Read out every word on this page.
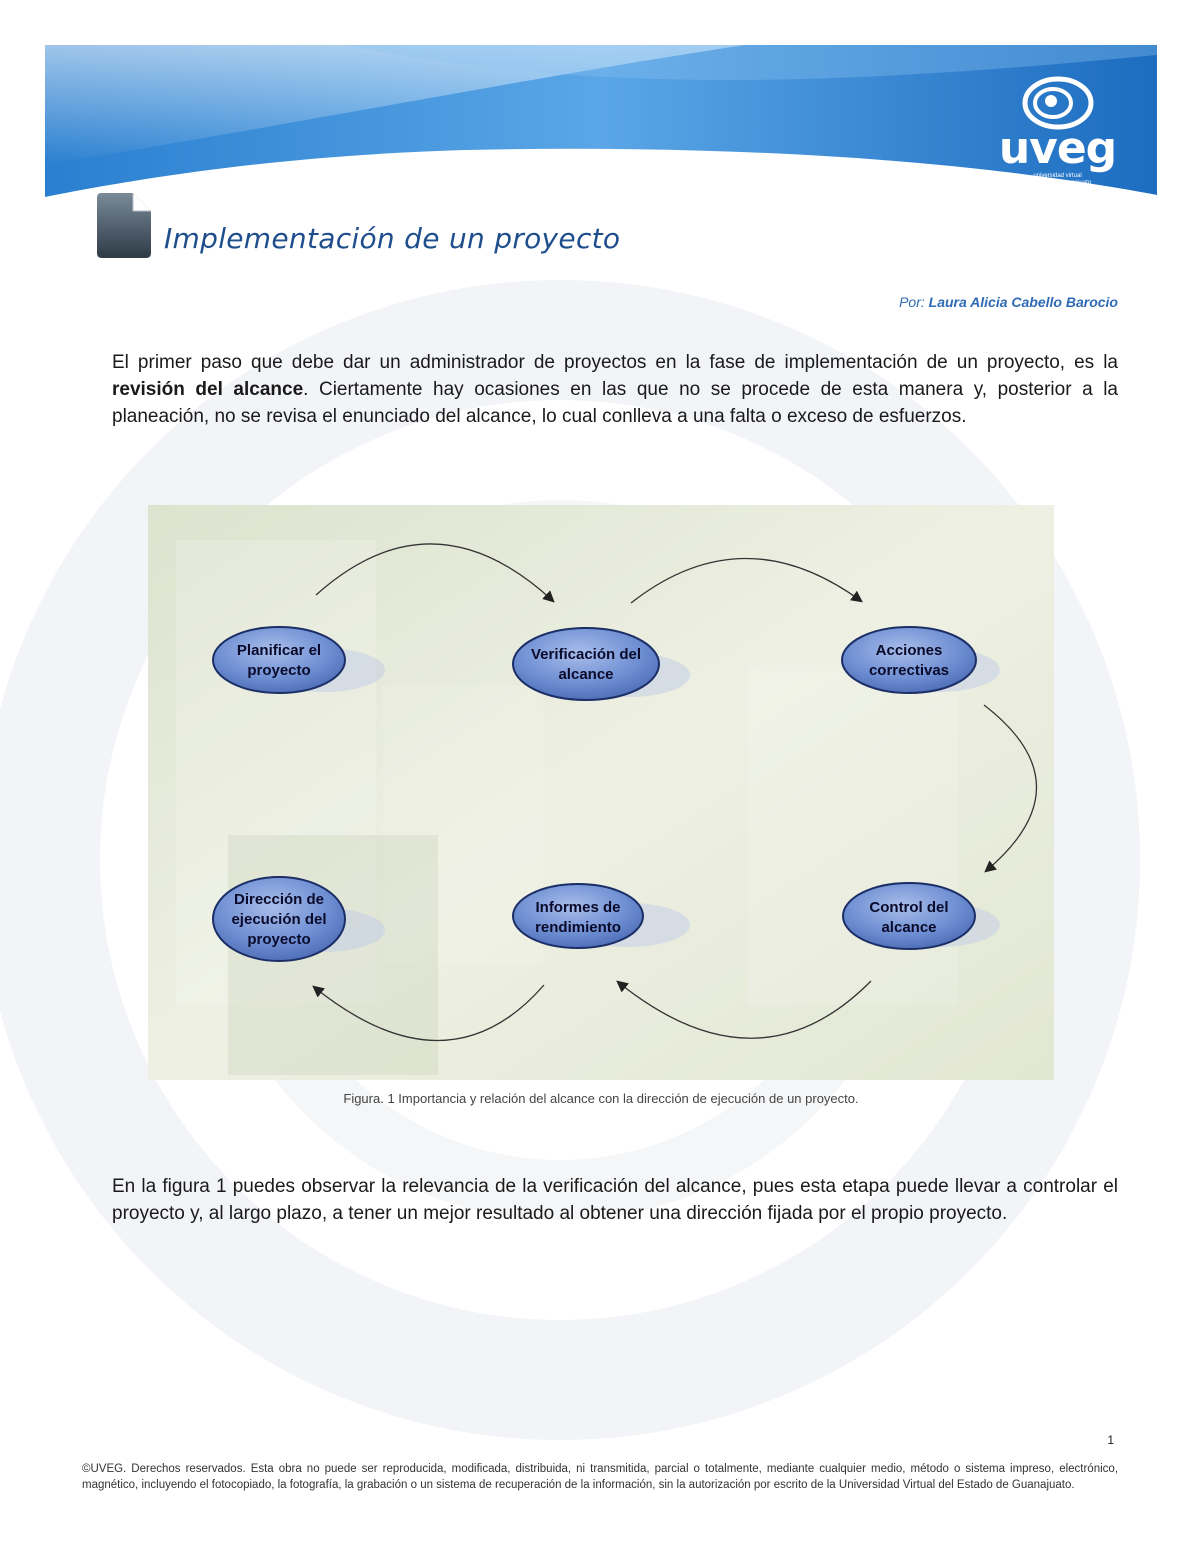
uveg
universidad virtual
del estado de guanajuato
Implementación de un proyecto
Por: Laura Alicia Cabello Barocio

El primer paso que debe dar un administrador de proyectos en la fase de implementación de un proyecto, es la revisión del alcance. Ciertamente hay ocasiones en las que no se procede de esta manera y, posterior a la planeación, no se revisa el enunciado del alcance, lo cual conlleva a una falta o exceso de esfuerzos.

Planificar el
proyecto
Verificación del
alcance
Acciones
correctivas
Dirección de
ejecución del
proyecto
Informes de
rendimiento
Control del
alcance
Figura. 1 Importancia y relación del alcance con la dirección de ejecución de un proyecto.

En la figura 1 puedes observar la relevancia de la verificación del alcance, pues esta etapa puede llevar a controlar el proyecto y, al largo plazo, a tener un mejor resultado al obtener una dirección fijada por el propio proyecto.

1

©UVEG. Derechos reservados. Esta obra no puede ser reproducida, modificada, distribuida, ni transmitida, parcial o totalmente, mediante cualquier medio, método o sistema impreso, electrónico, magnético, incluyendo el fotocopiado, la fotografía, la grabación o un sistema de recuperación de la información, sin la autorización por escrito de la Universidad Virtual del Estado de Guanajuato.
